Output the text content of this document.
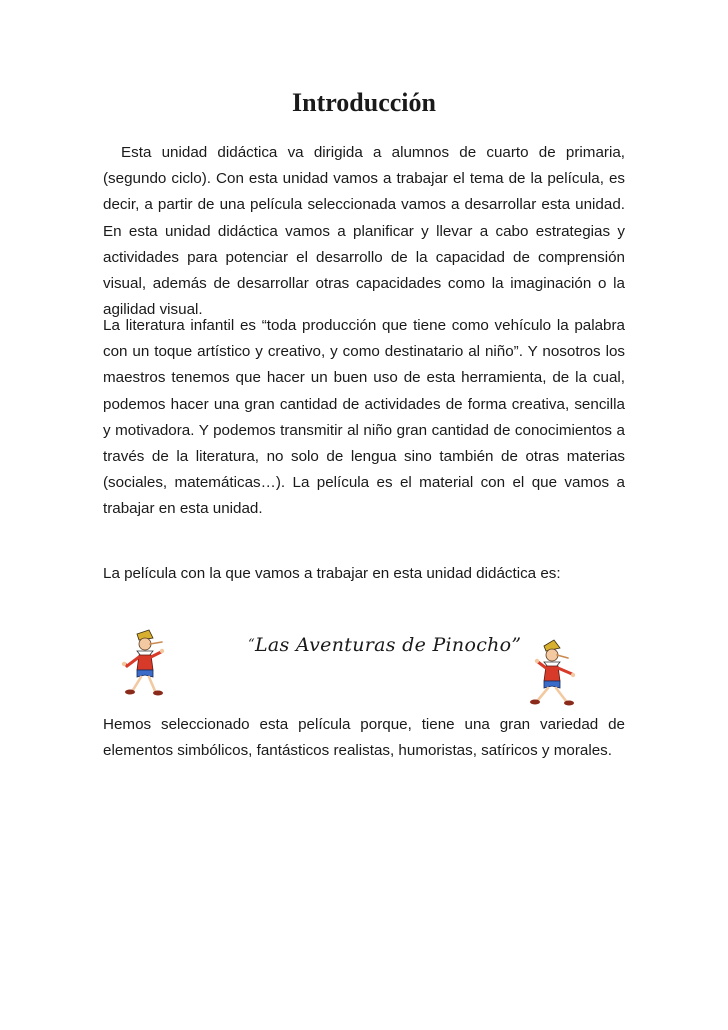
Introducción

Esta unidad didáctica va dirigida a alumnos de cuarto de primaria, (segundo ciclo). Con esta unidad vamos a trabajar el tema de la película, es decir, a partir de una película seleccionada vamos a desarrollar esta unidad. En esta unidad didáctica vamos a planificar y llevar a cabo estrategias y actividades para potenciar el desarrollo de la capacidad de comprensión visual, además de desarrollar otras capacidades como la imaginación o la agilidad visual.

La literatura infantil es “toda producción que tiene como vehículo la palabra con un toque artístico y creativo, y como destinatario al niño”. Y nosotros los maestros tenemos que hacer un buen uso de esta herramienta, de la cual, podemos hacer una gran cantidad de actividades de forma creativa, sencilla y motivadora. Y podemos transmitir al niño gran cantidad de conocimientos a través de la literatura, no solo de lengua sino también de otras materias (sociales, matemáticas…). La película es el material con el que vamos a trabajar en esta unidad.

La película con la que vamos a trabajar en esta unidad didáctica es:

“Las Aventuras de Pinocho”

Hemos seleccionado esta película porque, tiene una gran variedad de elementos simbólicos, fantásticos realistas, humoristas, satíricos y morales.
